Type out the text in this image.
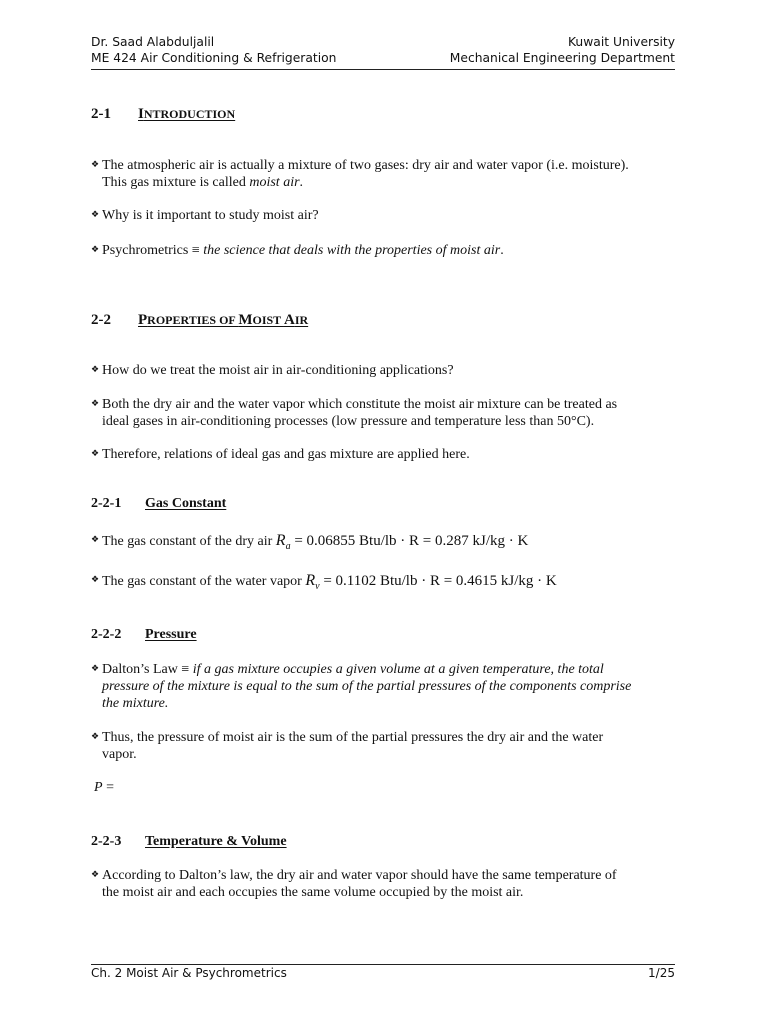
Dr. Saad Alabduljalil	Kuwait University
ME 424 Air Conditioning & Refrigeration	Mechanical Engineering Department
2-1 INTRODUCTION
❖ The atmospheric air is actually a mixture of two gases: dry air and water vapor (i.e. moisture).
This gas mixture is called moist air.
❖ Why is it important to study moist air?
❖ Psychrometrics ≡ the science that deals with the properties of moist air.
2-2 PROPERTIES OF MOIST AIR
❖ How do we treat the moist air in air-conditioning applications?
❖ Both the dry air and the water vapor which constitute the moist air mixture can be treated as
ideal gases in air-conditioning processes (low pressure and temperature less than 50°C).
❖ Therefore, relations of ideal gas and gas mixture are applied here.
2-2-1 Gas Constant
❖ The gas constant of the dry air $R_a = 0.06855$ Btu/lb · R = 0.287 kJ/kg · K
❖ The gas constant of the water vapor $R_v = 0.1102$ Btu/lb · R = 0.4615 kJ/kg · K
2-2-2 Pressure
❖ Dalton’s Law ≡ if a gas mixture occupies a given volume at a given temperature, the total
pressure of the mixture is equal to the sum of the partial pressures of the components comprise
the mixture.
❖ Thus, the pressure of moist air is the sum of the partial pressures the dry air and the water
vapor.
P =
2-2-3 Temperature & Volume
❖ According to Dalton’s law, the dry air and water vapor should have the same temperature of
the moist air and each occupies the same volume occupied by the moist air.
Ch. 2 Moist Air & Psychrometrics	1/25
